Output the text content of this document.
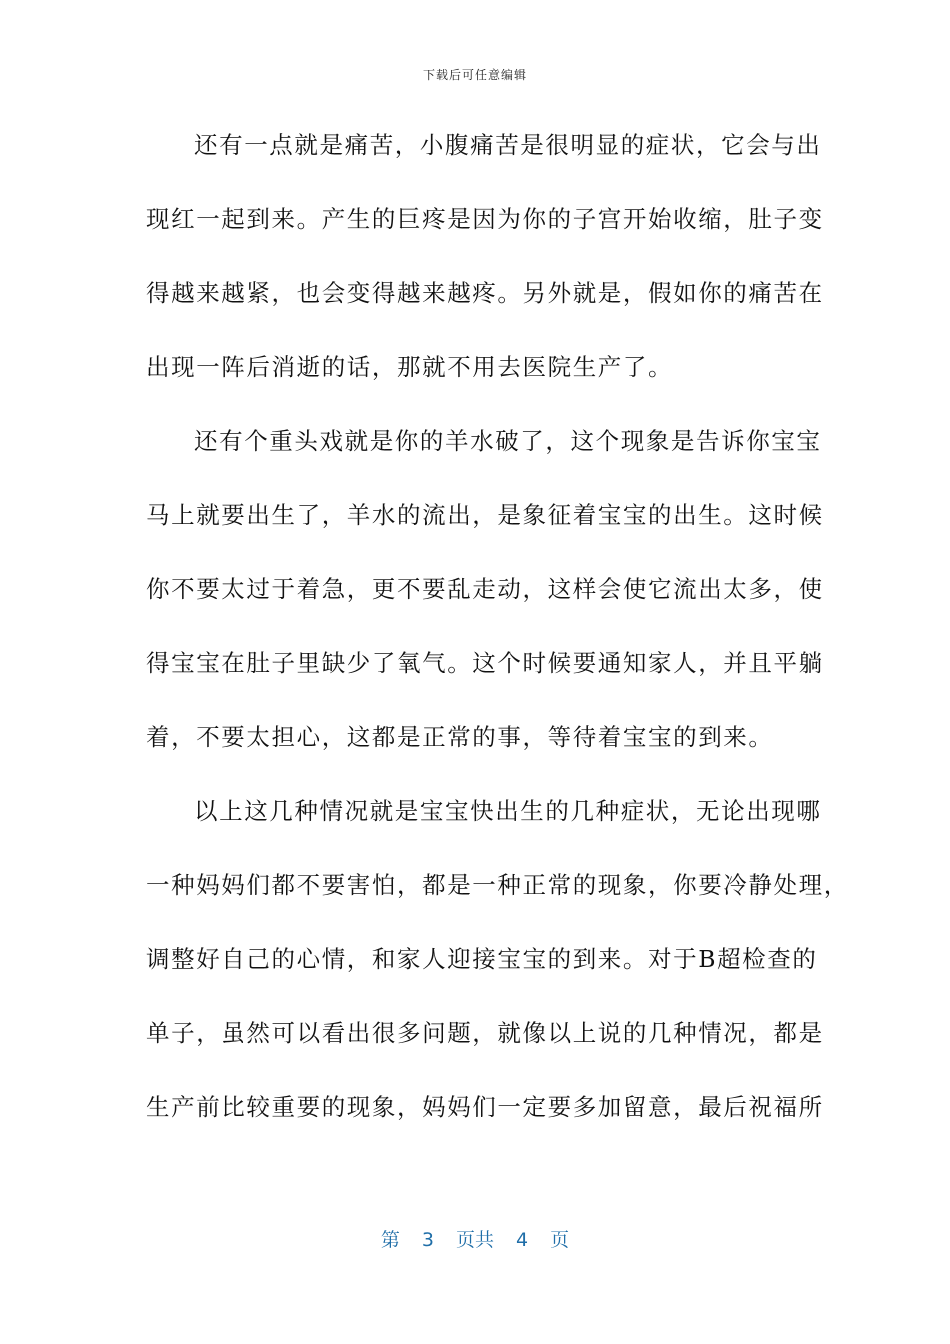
下载后可任意编辑
还有一点就是痛苦，小腹痛苦是很明显的症状，它会与出
现红一起到来。产生的巨疼是因为你的子宫开始收缩，肚子变
得越来越紧，也会变得越来越疼。另外就是，假如你的痛苦在
出现一阵后消逝的话，那就不用去医院生产了。
还有个重头戏就是你的羊水破了，这个现象是告诉你宝宝
马上就要出生了，羊水的流出，是象征着宝宝的出生。这时候
你不要太过于着急，更不要乱走动，这样会使它流出太多，使
得宝宝在肚子里缺少了氧气。这个时候要通知家人，并且平躺
着，不要太担心，这都是正常的事，等待着宝宝的到来。
以上这几种情况就是宝宝快出生的几种症状，无论出现哪
一种妈妈们都不要害怕，都是一种正常的现象，你要冷静处理，
调整好自己的心情，和家人迎接宝宝的到来。对于B超检查的
单子，虽然可以看出很多问题，就像以上说的几种情况，都是
生产前比较重要的现象，妈妈们一定要多加留意，最后祝福所
第 3 页共 4 页
